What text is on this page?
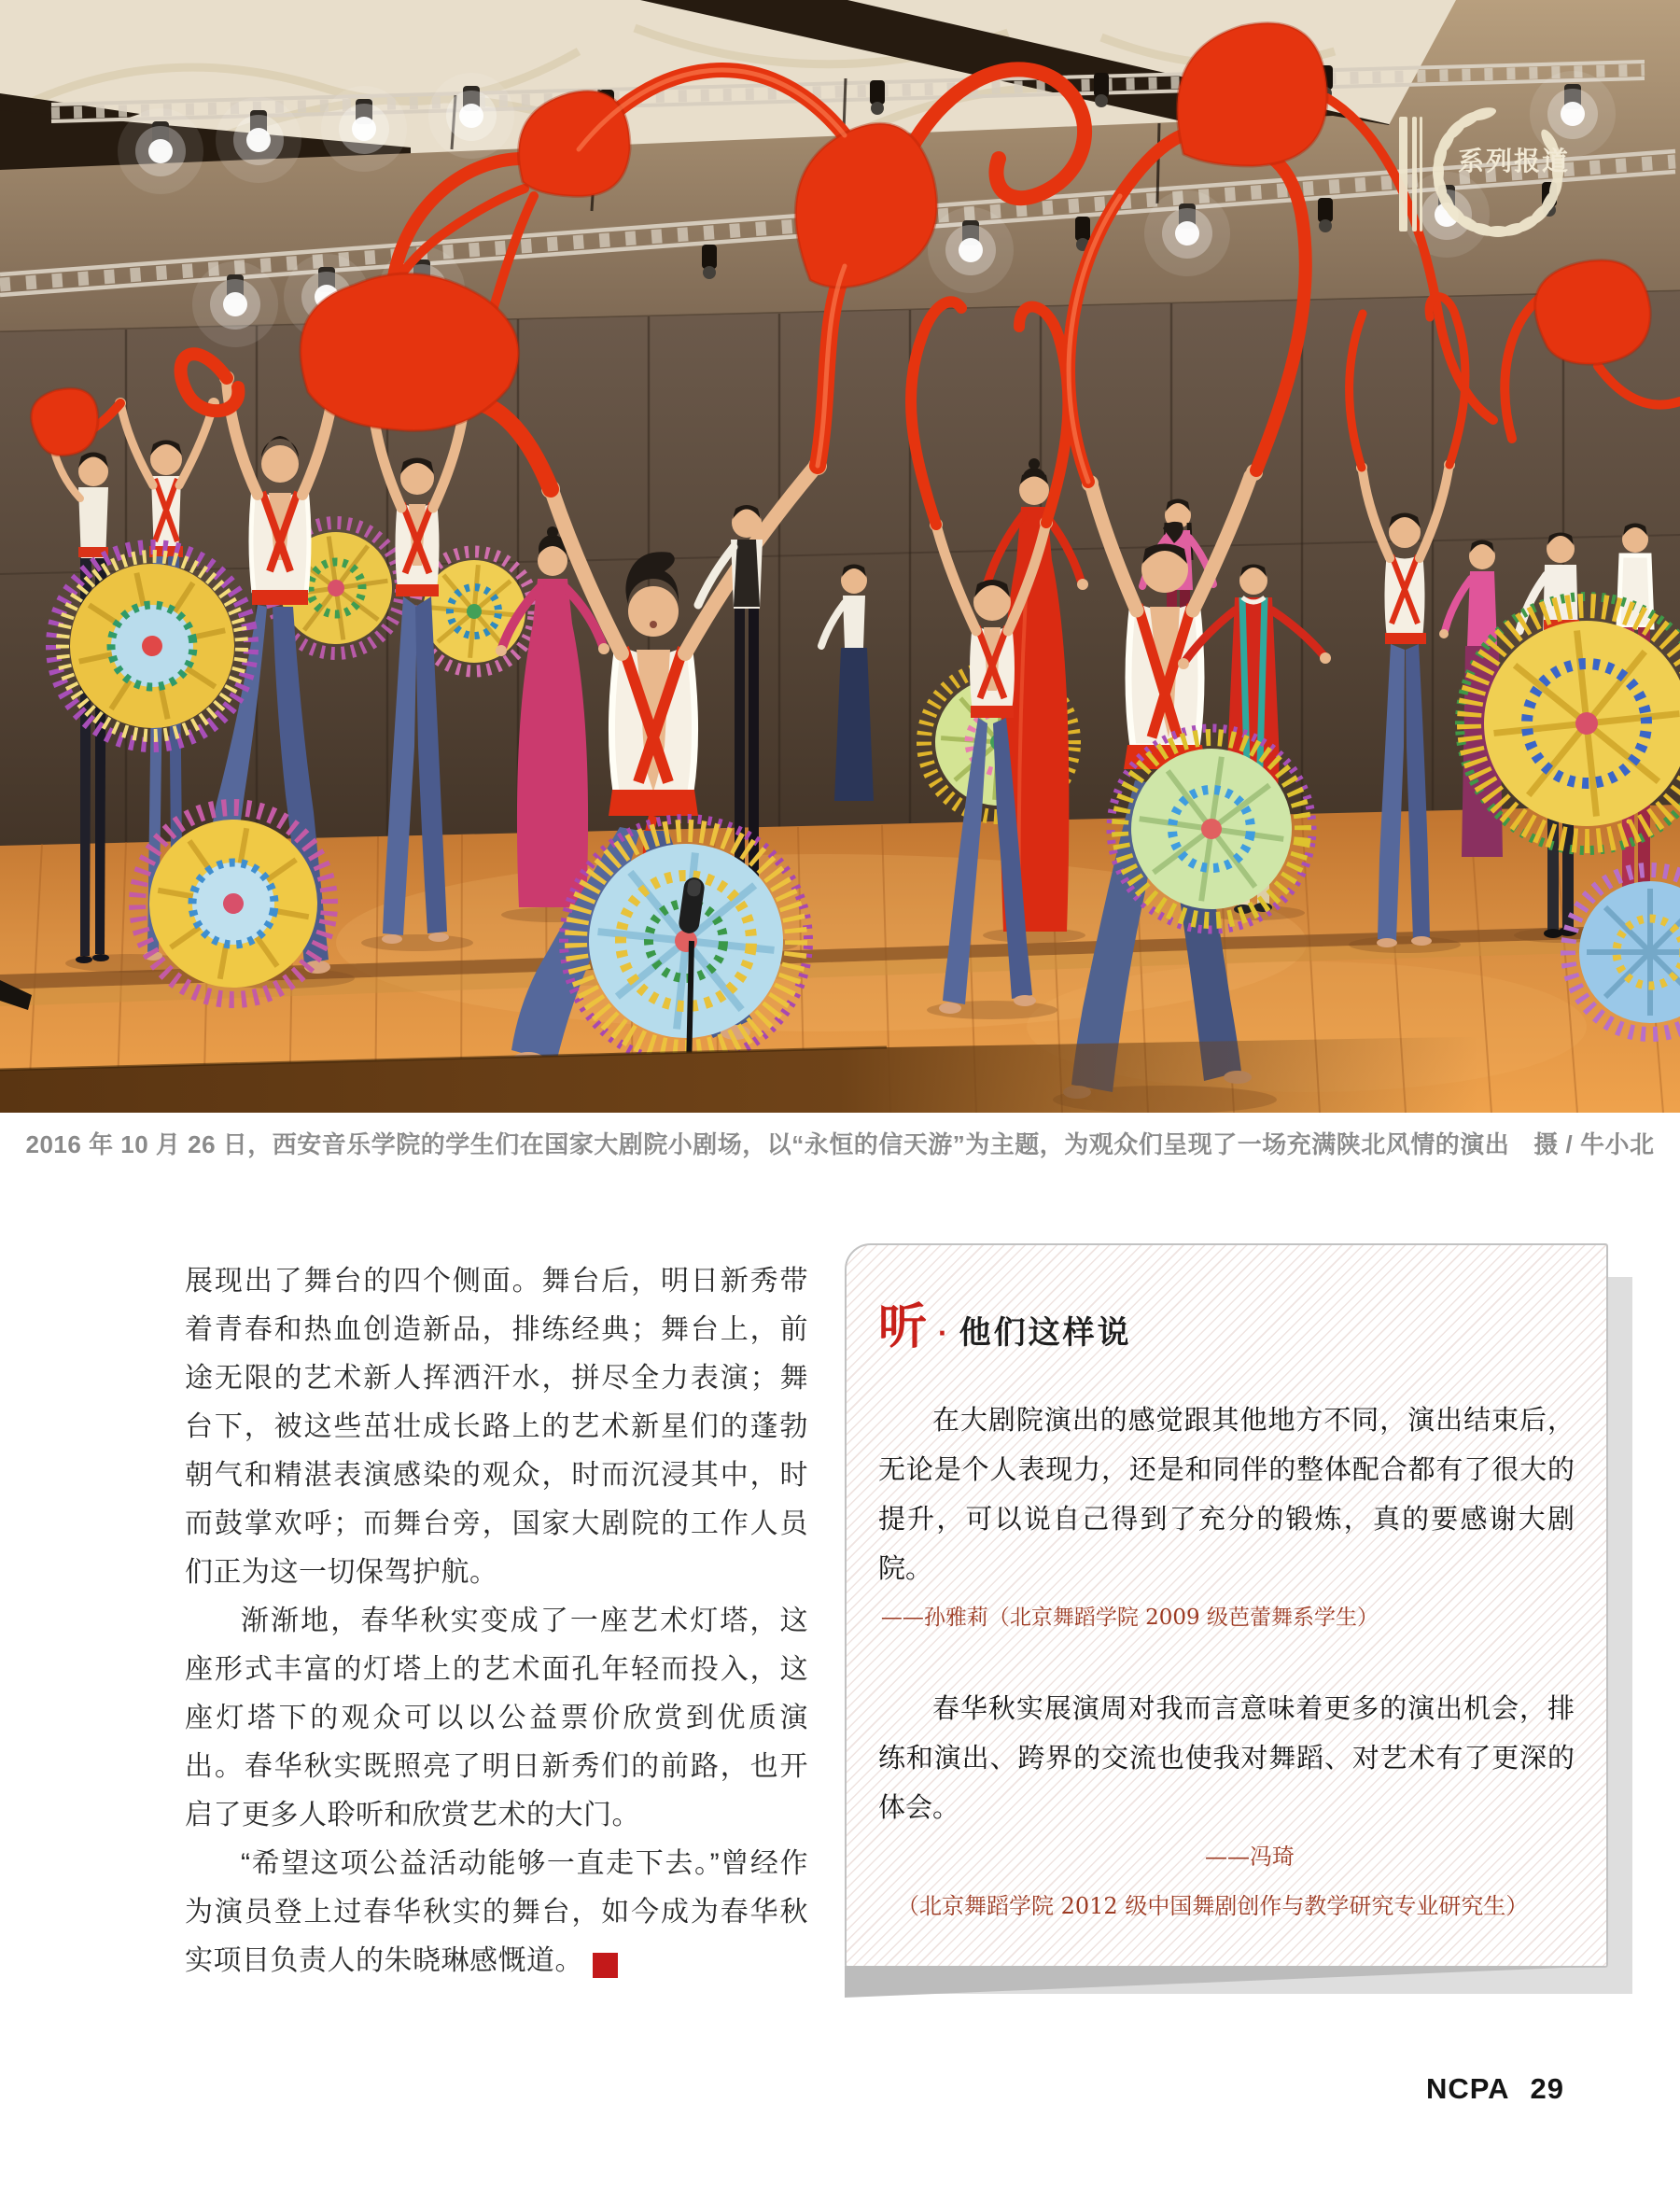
系列报道
2016 年 10 月 26 日，西安音乐学院的学生们在国家大剧院小剧场，以“永恒的信天游”为主题，为观众们呈现了一场充满陕北风情的演出 摄 / 牛小北

展现出了舞台的四个侧面。舞台后，明日新秀带着青春和热血创造新品，排练经典；舞台上，前途无限的艺术新人挥洒汗水，拼尽全力表演；舞台下，被这些茁壮成长路上的艺术新星们的蓬勃朝气和精湛表演感染的观众，时而沉浸其中，时而鼓掌欢呼；而舞台旁，国家大剧院的工作人员们正为这一切保驾护航。

渐渐地，春华秋实变成了一座艺术灯塔，这座形式丰富的灯塔上的艺术面孔年轻而投入，这座灯塔下的观众可以以公益票价欣赏到优质演出。春华秋实既照亮了明日新秀们的前路，也开启了更多人聆听和欣赏艺术的大门。

“希望这项公益活动能够一直走下去。”曾经作为演员登上过春华秋实的舞台，如今成为春华秋实项目负责人的朱晓琳感慨道。	NC
PA

听 · 他们这样说

在大剧院演出的感觉跟其他地方不同，演出结束后，无论是个人表现力，还是和同伴的整体配合都有了很大的提升，可以说自己得到了充分的锻炼，真的要感谢大剧院。

——孙雅莉（北京舞蹈学院 2009 级芭蕾舞系学生）

春华秋实展演周对我而言意味着更多的演出机会，排练和演出、跨界的交流也使我对舞蹈、对艺术有了更深的体会。

——冯琦

（北京舞蹈学院 2012 级中国舞剧创作与教学研究专业研究生）

NCPA 29
